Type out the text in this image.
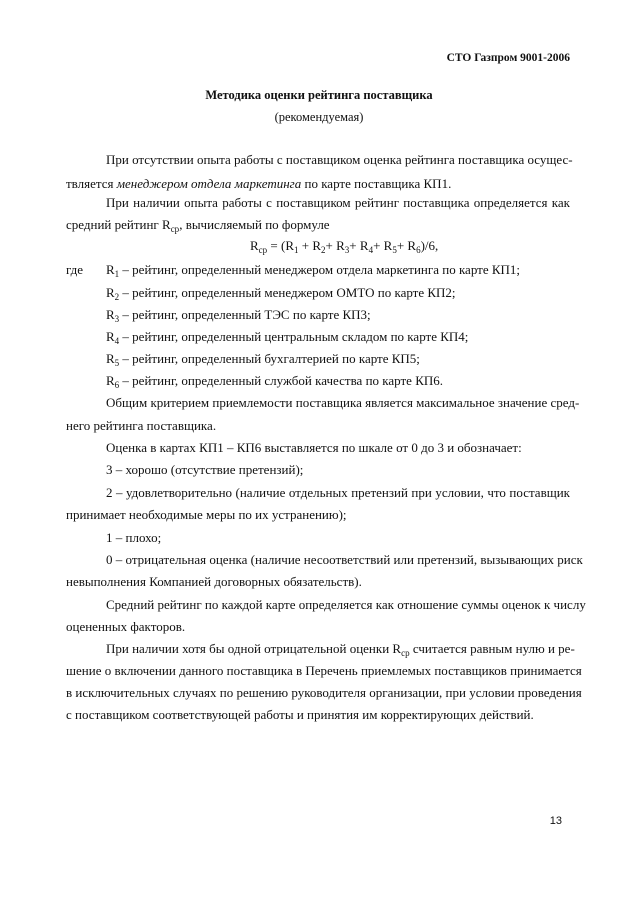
СТО Газпром 9001-2006
Методика оценки рейтинга поставщика
(рекомендуемая)
При отсутствии опыта работы с поставщиком оценка рейтинга поставщика осущес-
твляется менеджером отдела маркетинга по карте поставщика КП1.
При наличии опыта работы с поставщиком рейтинг поставщика определяется как
средний рейтинг $R_{ср}$, вычисляемый по формуле
$R_{ср} = (R_1 + R_2+ R_3+ R_4+ R_5+ R_6)/6$,
где $R_1$ – рейтинг, определенный менеджером отдела маркетинга по карте КП1;
$R_2$ – рейтинг, определенный менеджером ОМТО по карте КП2;
$R_3$ – рейтинг, определенный ТЭС по карте КП3;
$R_4$ – рейтинг, определенный центральным складом по карте КП4;
$R_5$ – рейтинг, определенный бухгалтерией по карте КП5;
$R_6$ – рейтинг, определенный службой качества по карте КП6.
Общим критерием приемлемости поставщика является максимальное значение сред-
него рейтинга поставщика.
Оценка в картах КП1 – КП6 выставляется по шкале от 0 до 3 и обозначает:
3 – хорошо (отсутствие претензий);
2 – удовлетворительно (наличие отдельных претензий при условии, что поставщик
принимает необходимые меры по их устранению);
1 – плохо;
0 – отрицательная оценка (наличие несоответствий или претензий, вызывающих риск
невыполнения Компанией договорных обязательств).
Средний рейтинг по каждой карте определяется как отношение суммы оценок к числу
оцененных факторов.
При наличии хотя бы одной отрицательной оценки $R_{ср}$ считается равным нулю и ре-
шение о включении данного поставщика в Перечень приемлемых поставщиков принимается
в исключительных случаях по решению руководителя организации, при условии проведения
с поставщиком соответствующей работы и принятия им корректирующих действий.
13
